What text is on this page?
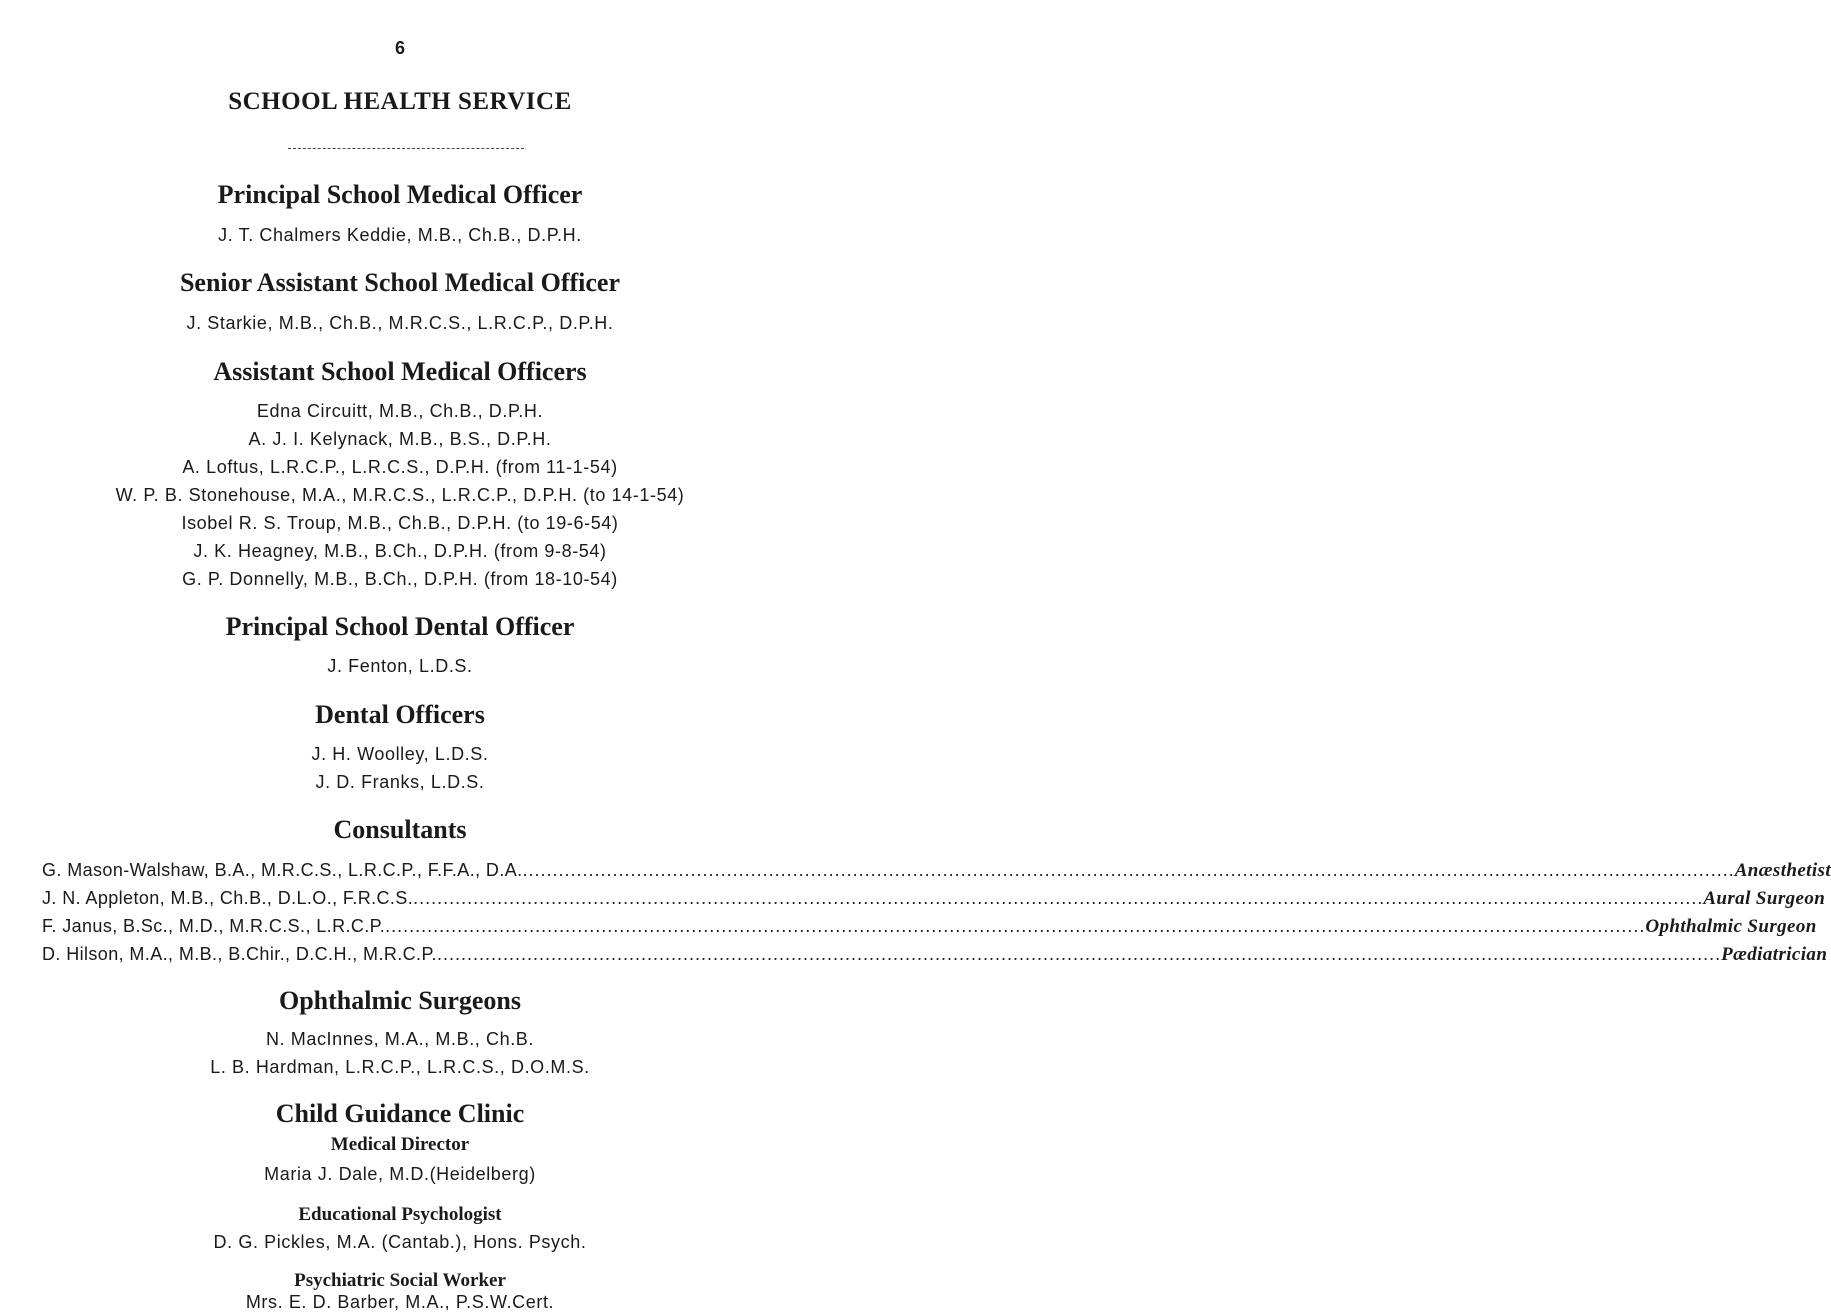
6
SCHOOL HEALTH SERVICE
Principal School Medical Officer
J. T. Chalmers Keddie, M.B., Ch.B., D.P.H.
Senior Assistant School Medical Officer
J. Starkie, M.B., Ch.B., M.R.C.S., L.R.C.P., D.P.H.
Assistant School Medical Officers
Edna Circuitt, M.B., Ch.B., D.P.H.
A. J. I. Kelynack, M.B., B.S., D.P.H.
A. Loftus, L.R.C.P., L.R.C.S., D.P.H. (from 11-1-54)
W. P. B. Stonehouse, M.A., M.R.C.S., L.R.C.P., D.P.H. (to 14-1-54)
Isobel R. S. Troup, M.B., Ch.B., D.P.H. (to 19-6-54)
J. K. Heagney, M.B., B.Ch., D.P.H. (from 9-8-54)
G. P. Donnelly, M.B., B.Ch., D.P.H. (from 18-10-54)
Principal School Dental Officer
J. Fenton, L.D.S.
Dental Officers
J. H. Woolley, L.D.S.
J. D. Franks, L.D.S.
Consultants
G. Mason-Walshaw, B.A., M.R.C.S., L.R.C.P., F.F.A., D.A. .......................................................................................................................................................................................................... Anæsthetist
J. N. Appleton, M.B., Ch.B., D.L.O., F.R.C.S. ....................................................................................................................................................................................................................... Aural Surgeon
F. Janus, B.Sc., M.D., M.R.C.S., L.R.C.P. .................................................................................................................................................................................................................. Ophthalmic Surgeon
D. Hilson, M.A., M.B., B.Chir., D.C.H., M.R.C.P. ...................................................................................................................................................................................................................... Pædiatrician
Ophthalmic Surgeons
N. MacInnes, M.A., M.B., Ch.B.
L. B. Hardman, L.R.C.P., L.R.C.S., D.O.M.S.
Child Guidance Clinic
Medical Director
Maria J. Dale, M.D.(Heidelberg)
Educational Psychologist
D. G. Pickles, M.A. (Cantab.), Hons. Psych.
Psychiatric Social Worker
Mrs. E. D. Barber, M.A., P.S.W.Cert.
